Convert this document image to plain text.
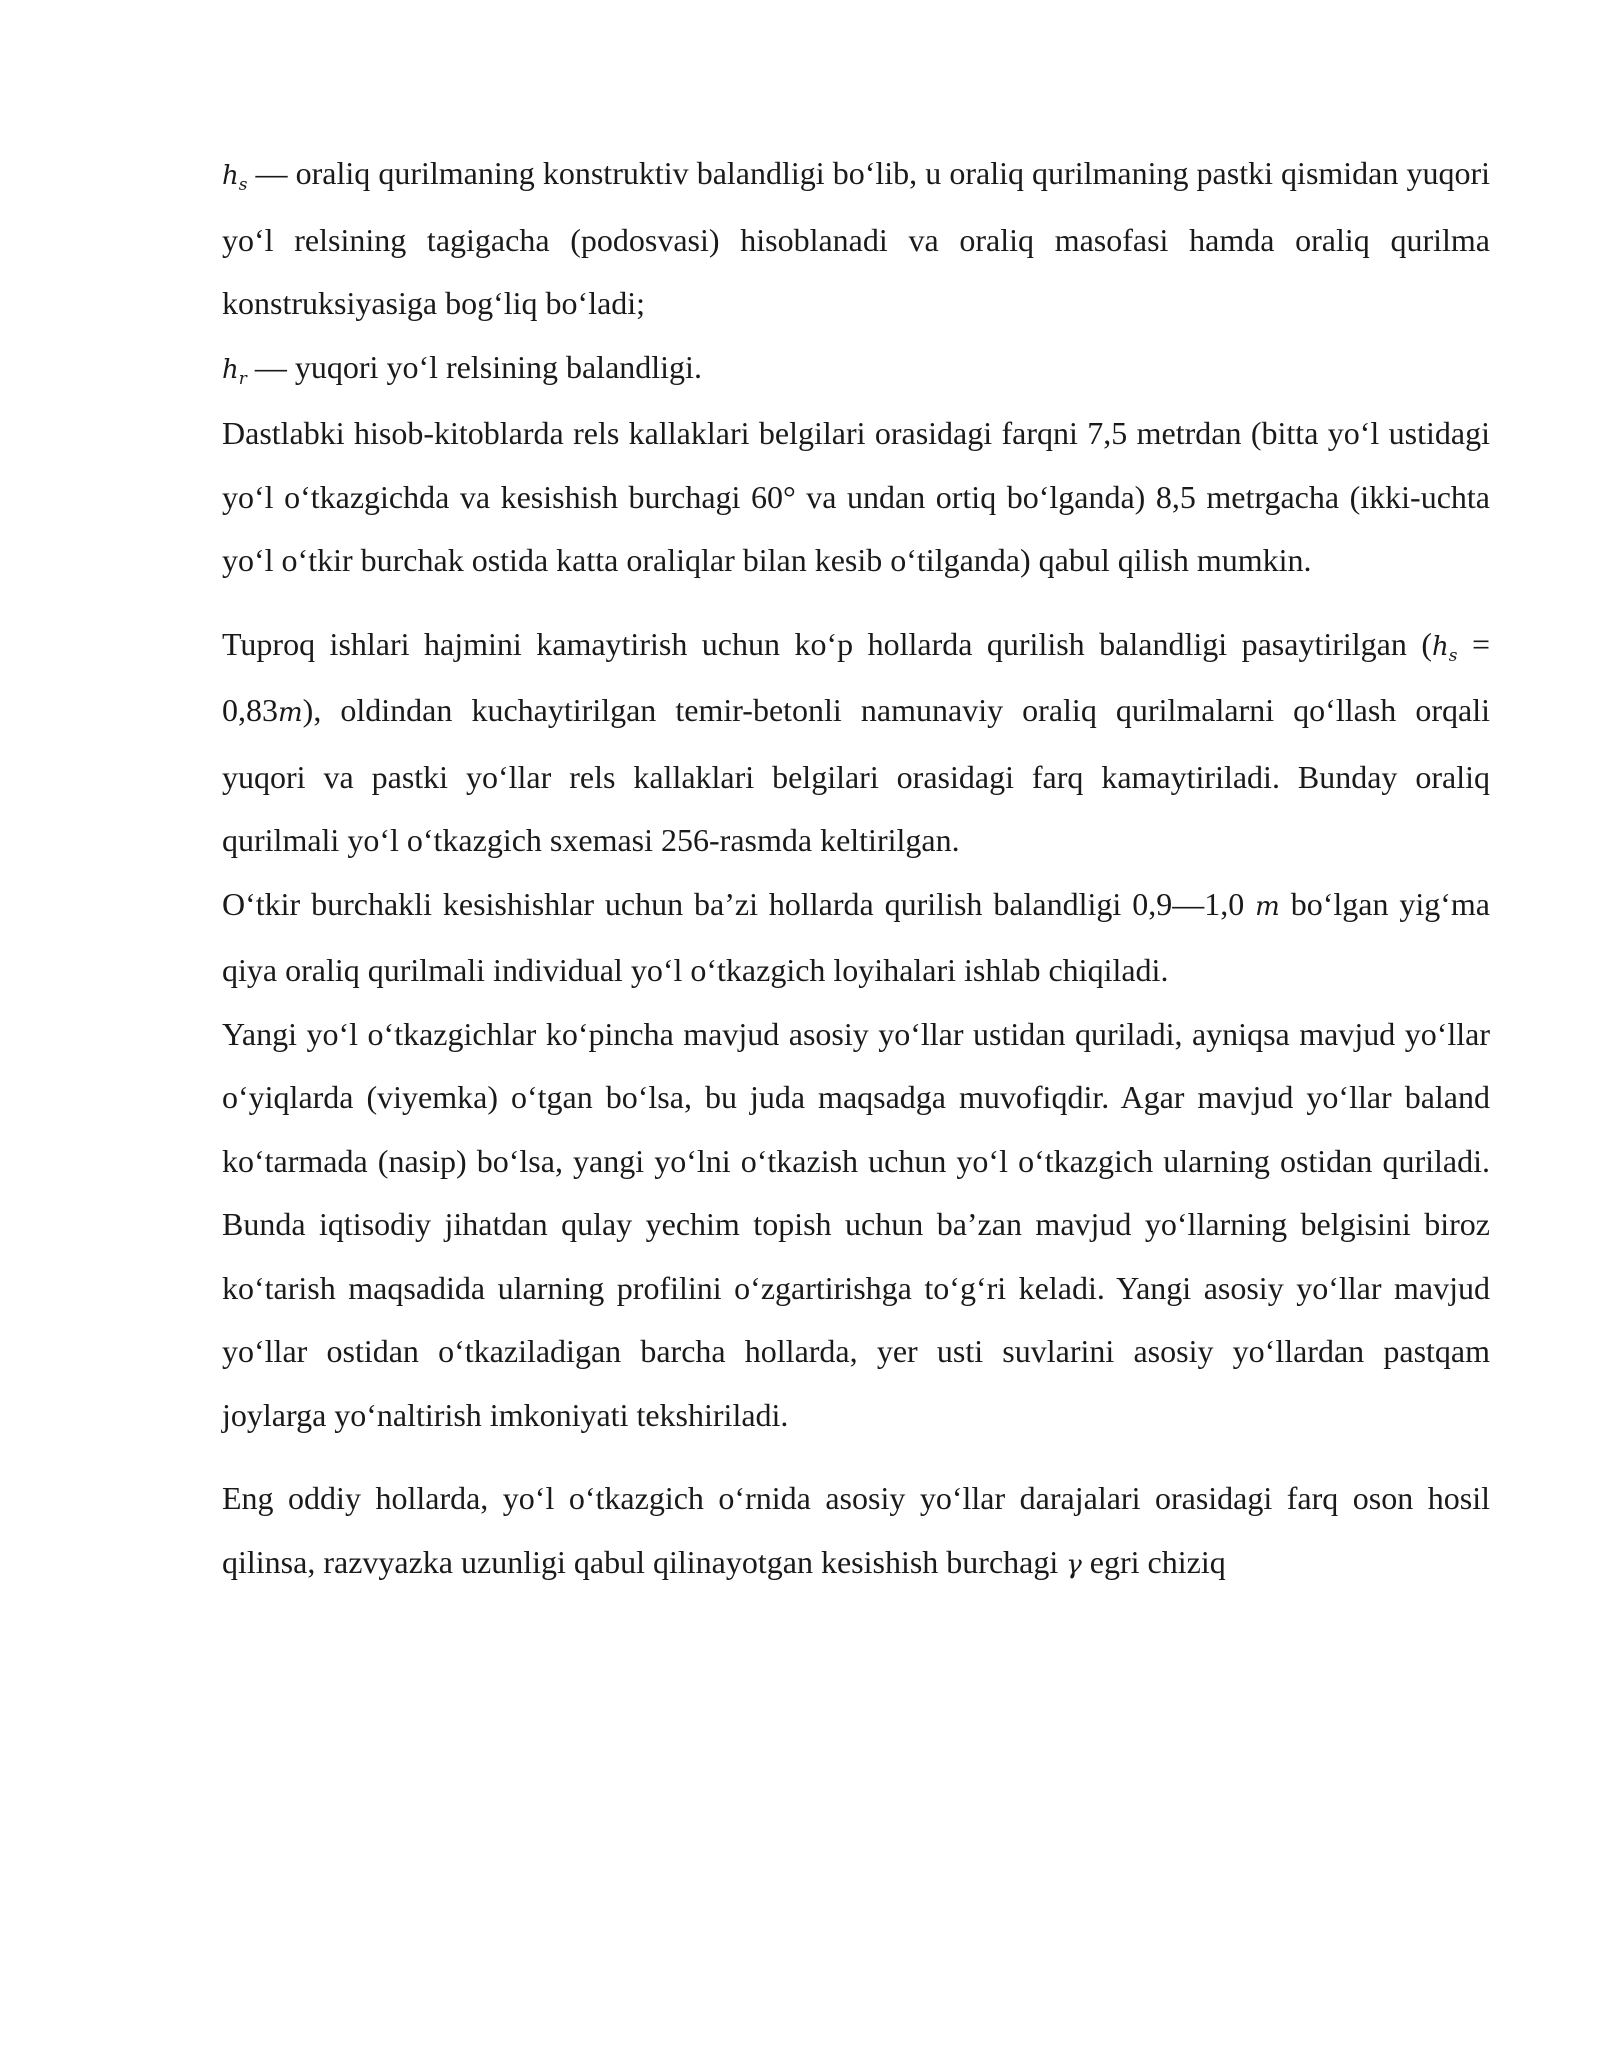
$h_s$ — oraliq qurilmaning konstruktiv balandligi bo‘lib, u oraliq qurilmaning pastki qismidan yuqori yo‘l relsining tagigacha (podosvasi) hisoblanadi va oraliq masofasi hamda oraliq qurilma konstruksiyasiga bog‘liq bo‘ladi;

$h_r$ — yuqori yo‘l relsining balandligi.

Dastlabki hisob-kitoblarda rels kallaklari belgilari orasidagi farqni 7,5 metrdan (bitta yo‘l ustidagi yo‘l o‘tkazgichda va kesishish burchagi 60° va undan ortiq bo‘lganda) 8,5 metrgacha (ikki-uchta yo‘l o‘tkir burchak ostida katta oraliqlar bilan kesib o‘tilganda) qabul qilish mumkin.

Tuproq ishlari hajmini kamaytirish uchun ko‘p hollarda qurilish balandligi pasaytirilgan $(h_s = 0,83m)$, oldindan kuchaytirilgan temir-betonli namunaviy oraliq qurilmalarni qo‘llash orqali yuqori va pastki yo‘llar rels kallaklari belgilari orasidagi farq kamaytiriladi. Bunday oraliq qurilmali yo‘l o‘tkazgich sxemasi 256-rasmda keltirilgan.

O‘tkir burchakli kesishishlar uchun ba’zi hollarda qurilish balandligi 0,9—1,0 m bo‘lgan yig‘ma qiya oraliq qurilmali individual yo‘l o‘tkazgich loyihalari ishlab chiqiladi.

Yangi yo‘l o‘tkazgichlar ko‘pincha mavjud asosiy yo‘llar ustidan quriladi, ayniqsa mavjud yo‘llar o‘yiqlarda (viyemka) o‘tgan bo‘lsa, bu juda maqsadga muvofiqdir. Agar mavjud yo‘llar baland ko‘tarmada (nasip) bo‘lsa, yangi yo‘lni o‘tkazish uchun yo‘l o‘tkazgich ularning ostidan quriladi. Bunda iqtisodiy jihatdan qulay yechim topish uchun ba’zan mavjud yo‘llarning belgisini biroz ko‘tarish maqsadida ularning profilini o‘zgartirishga to‘g‘ri keladi. Yangi asosiy yo‘llar mavjud yo‘llar ostidan o‘tkaziladigan barcha hollarda, yer usti suvlarini asosiy yo‘llardan pastqam joylarga yo‘naltirish imkoniyati tekshiriladi.

Eng oddiy hollarda, yo‘l o‘tkazgich o‘rnida asosiy yo‘llar darajalari orasidagi farq oson hosil qilinsa, razvyazka uzunligi qabul qilinayotgan kesishish burchagi γ egri chiziq
